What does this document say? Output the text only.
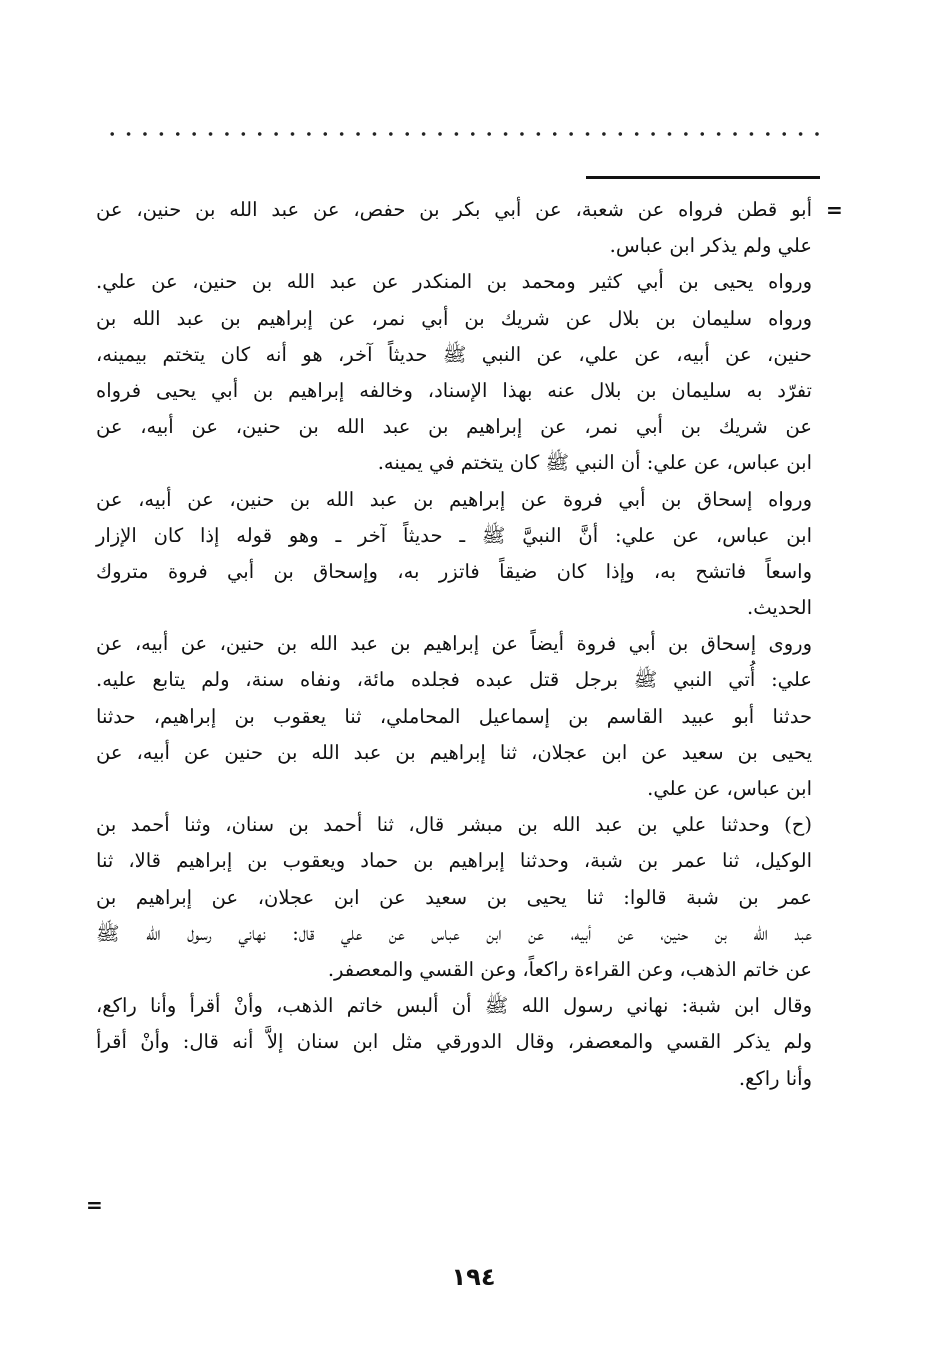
=
أبو قطن فرواه عن شعبة، عن أبي بكر بن حفص، عن عبد الله بن حنين، عن
علي ولم يذكر ابن عباس.
ورواه يحيى بن أبي كثير ومحمد بن المنكدر عن عبد الله بن حنين، عن علي.
ورواه سليمان بن بلال عن شريك بن أبي نمر، عن إبراهيم بن عبد الله بن
حنين، عن أبيه، عن علي، عن النبي ﷺ حديثاً آخر، هو أنه كان يتختم بيمينه،
تفرّد به سليمان بن بلال عنه بهذا الإسناد، وخالفه إبراهيم بن أبي يحيى فرواه
عن شريك بن أبي نمر، عن إبراهيم بن عبد الله بن حنين، عن أبيه، عن
ابن عباس، عن علي: أن النبي ﷺ كان يتختم في يمينه.
ورواه إسحاق بن أبي فروة عن إبراهيم بن عبد الله بن حنين، عن أبيه، عن
ابن عباس، عن علي: أنَّ النبيَّ ﷺ ـ حديثاً آخر ـ وهو قوله إذا كان الإزار
واسعاً فاتشح به، وإذا كان ضيقاً فاتزر به، وإسحاق بن أبي فروة متروك
الحديث.
وروى إسحاق بن أبي فروة أيضاً عن إبراهيم بن عبد الله بن حنين، عن أبيه، عن
علي: أُتي النبي ﷺ برجل قتل عبده فجلده مائة، ونفاه سنة، ولم يتابع عليه.
حدثنا أبو عبيد القاسم بن إسماعيل المحاملي، ثنا يعقوب بن إبراهيم، حدثنا
يحيى بن سعيد عن ابن عجلان، ثنا إبراهيم بن عبد الله بن حنين عن أبيه، عن
ابن عباس، عن علي.
(ح) وحدثنا علي بن عبد الله بن مبشر قال، ثنا أحمد بن سنان، وثنا أحمد بن
الوكيل، ثنا عمر بن شبة، وحدثنا إبراهيم بن حماد ويعقوب بن إبراهيم قالا، ثنا
عمر بن شبة قالوا: ثنا يحيى بن سعيد عن ابن عجلان، عن إبراهيم بن
عبد الله بن حنين، عن أبيه، عن ابن عباس عن علي قال: نهاني رسول الله ﷺ
عن خاتم الذهب، وعن القراءة راكعاً، وعن القسي والمعصفر.
وقال ابن شبة: نهاني رسول الله ﷺ أن ألبس خاتم الذهب، وأنْ أقرأ وأنا راكع،
ولم يذكر القسي والمعصفر، وقال الدورقي مثل ابن سنان إلاَّ أنه قال: وأنْ أقرأ
وأنا راكع.
=
١٩٤
